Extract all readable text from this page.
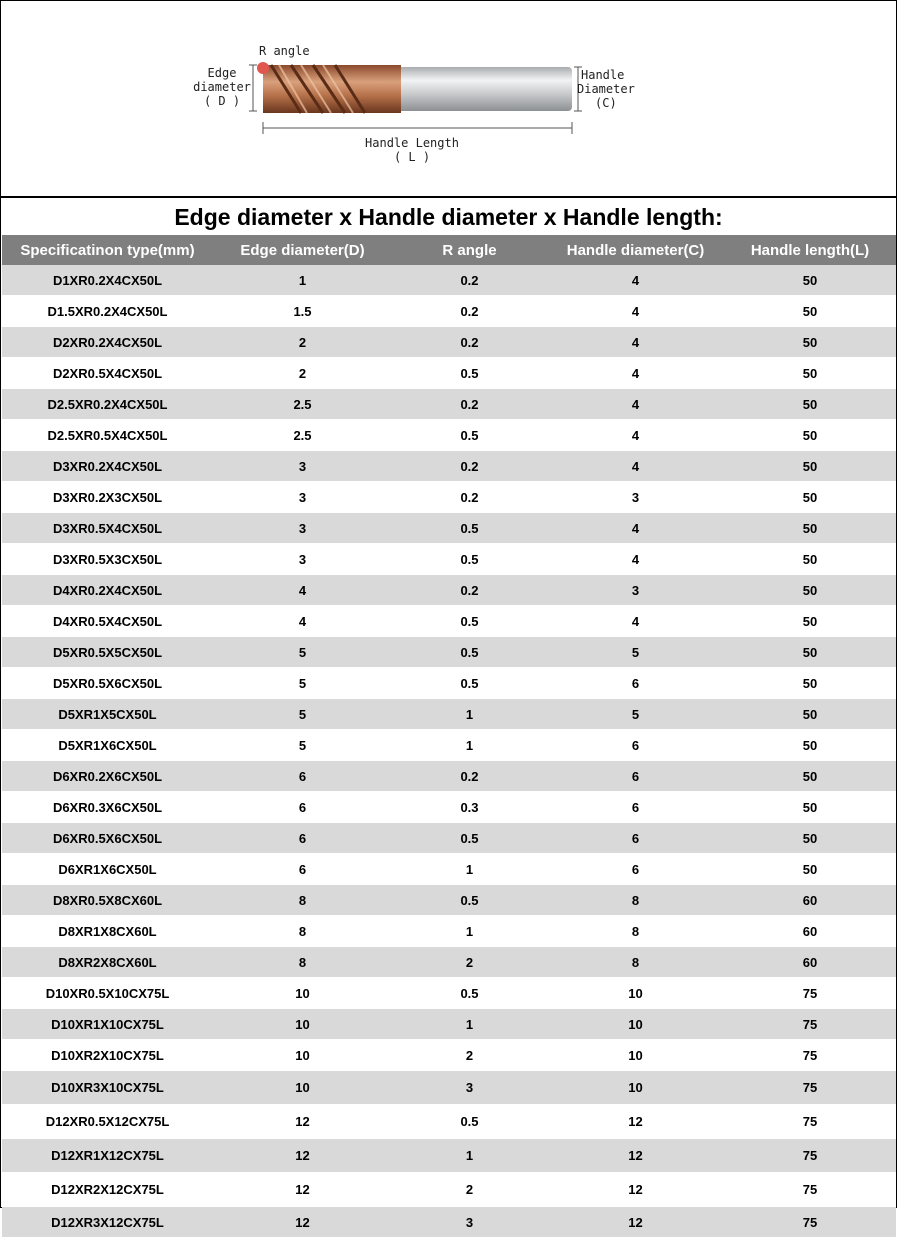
R angle
Edge
diameter
( D )
Handle
Diameter
(C)
Handle Length
( L )
Edge diameter x Handle diameter x Handle length:
Specificatinon type(mm)	Edge diameter(D)	R angle	Handle diameter(C)	Handle length(L)
D1XR0.2X4CX50L	1	0.2	4	50
D1.5XR0.2X4CX50L	1.5	0.2	4	50
D2XR0.2X4CX50L	2	0.2	4	50
D2XR0.5X4CX50L	2	0.5	4	50
D2.5XR0.2X4CX50L	2.5	0.2	4	50
D2.5XR0.5X4CX50L	2.5	0.5	4	50
D3XR0.2X4CX50L	3	0.2	4	50
D3XR0.2X3CX50L	3	0.2	3	50
D3XR0.5X4CX50L	3	0.5	4	50
D3XR0.5X3CX50L	3	0.5	4	50
D4XR0.2X4CX50L	4	0.2	3	50
D4XR0.5X4CX50L	4	0.5	4	50
D5XR0.5X5CX50L	5	0.5	5	50
D5XR0.5X6CX50L	5	0.5	6	50
D5XR1X5CX50L	5	1	5	50
D5XR1X6CX50L	5	1	6	50
D6XR0.2X6CX50L	6	0.2	6	50
D6XR0.3X6CX50L	6	0.3	6	50
D6XR0.5X6CX50L	6	0.5	6	50
D6XR1X6CX50L	6	1	6	50
D8XR0.5X8CX60L	8	0.5	8	60
D8XR1X8CX60L	8	1	8	60
D8XR2X8CX60L	8	2	8	60
D10XR0.5X10CX75L	10	0.5	10	75
D10XR1X10CX75L	10	1	10	75
D10XR2X10CX75L	10	2	10	75
D10XR3X10CX75L	10	3	10	75
D12XR0.5X12CX75L	12	0.5	12	75
D12XR1X12CX75L	12	1	12	75
D12XR2X12CX75L	12	2	12	75
D12XR3X12CX75L	12	3	12	75
